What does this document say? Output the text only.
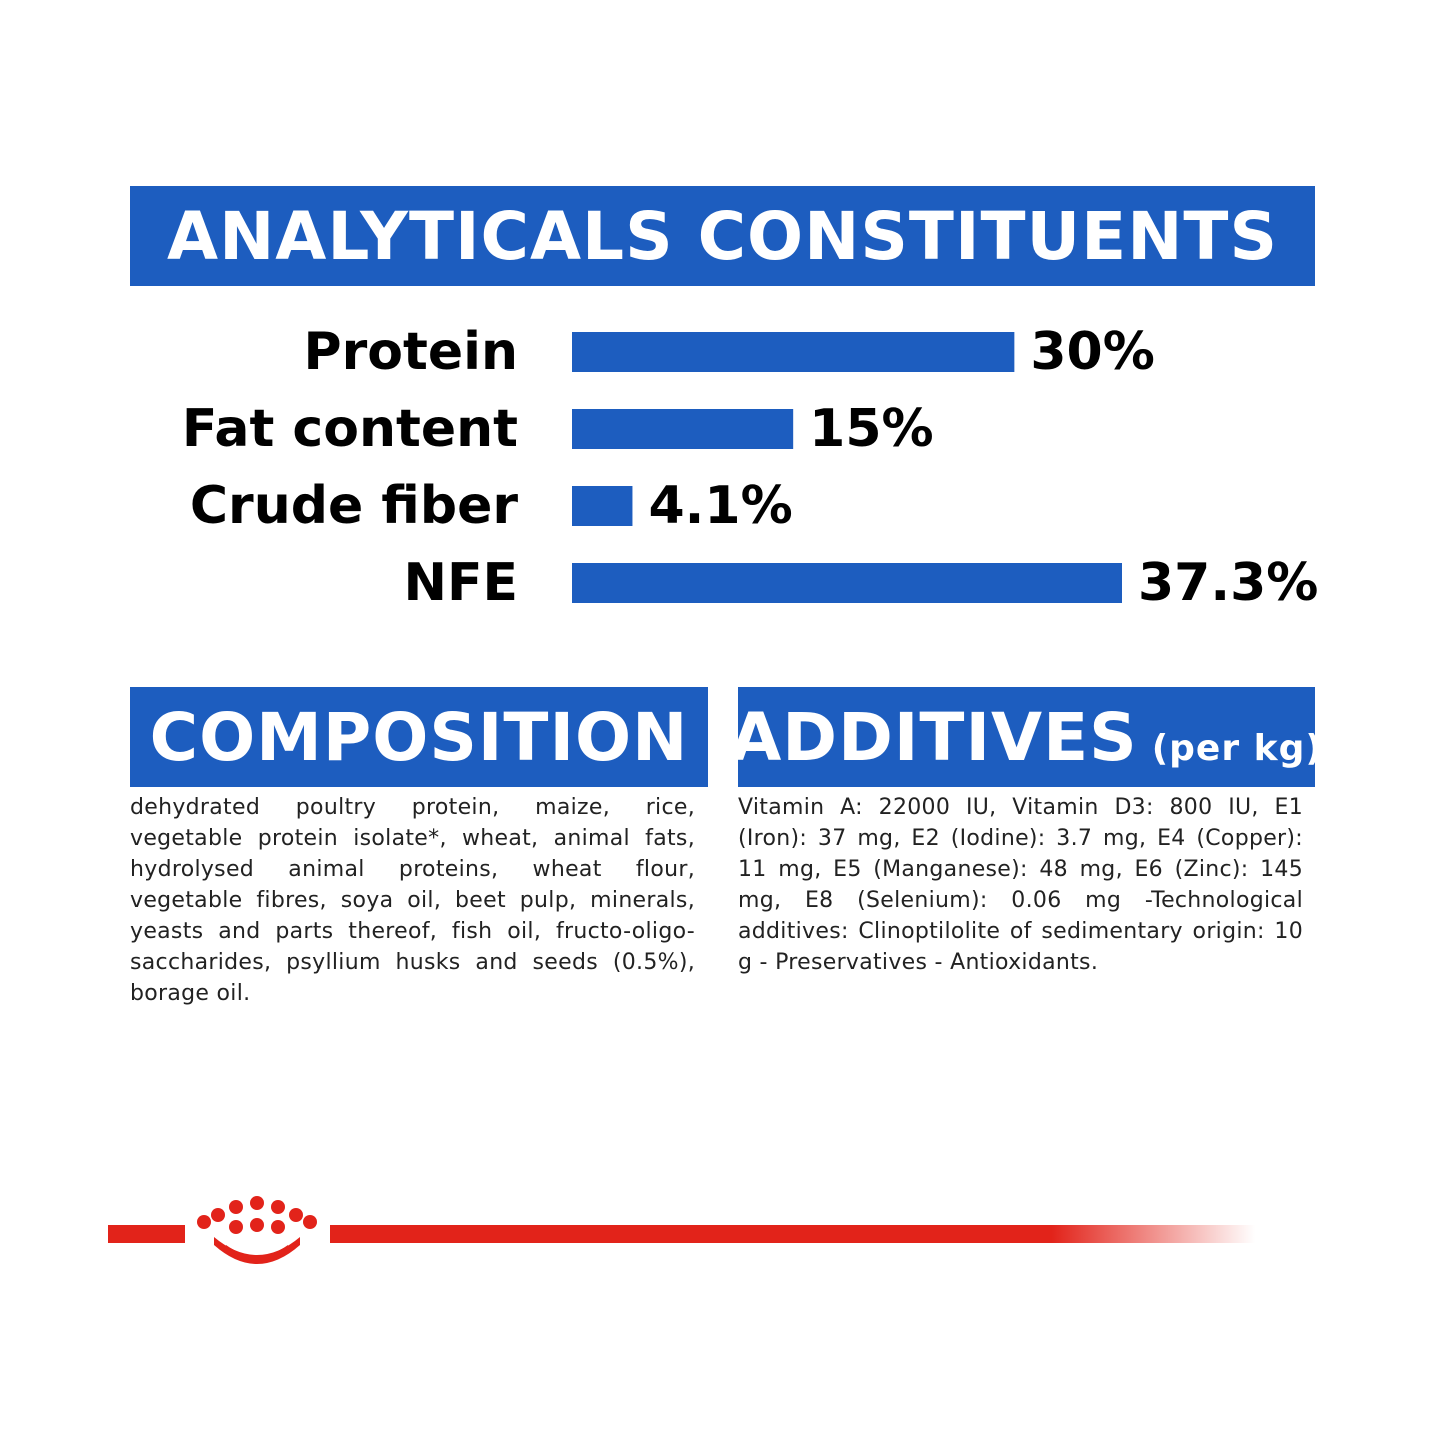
ANALYTICALS CONSTITUENTS
Protein	30%
Fat content	15%
Crude fiber	4.1%
NFE	37.3%
COMPOSITION ADDITIVES (per kg)
dehydrated poultry protein, maize, rice, vegetable protein isolate*, wheat, animal fats, hydrolysed animal proteins, wheat flour, vegetable fibres, soya oil, beet pulp, minerals, yeasts and parts thereof, fish oil, fructo-oligo-saccharides, psyllium husks and seeds (0.5%), borage oil.
Vitamin A: 22000 IU, Vitamin D3: 800 IU, E1 (Iron): 37 mg, E2 (Iodine): 3.7 mg, E4 (Copper): 11 mg, E5 (Manganese): 48 mg, E6 (Zinc): 145 mg, E8 (Selenium): 0.06 mg -Technological additives: Clinoptilolite of sedimentary origin: 10 g - Preservatives - Antioxidants.
